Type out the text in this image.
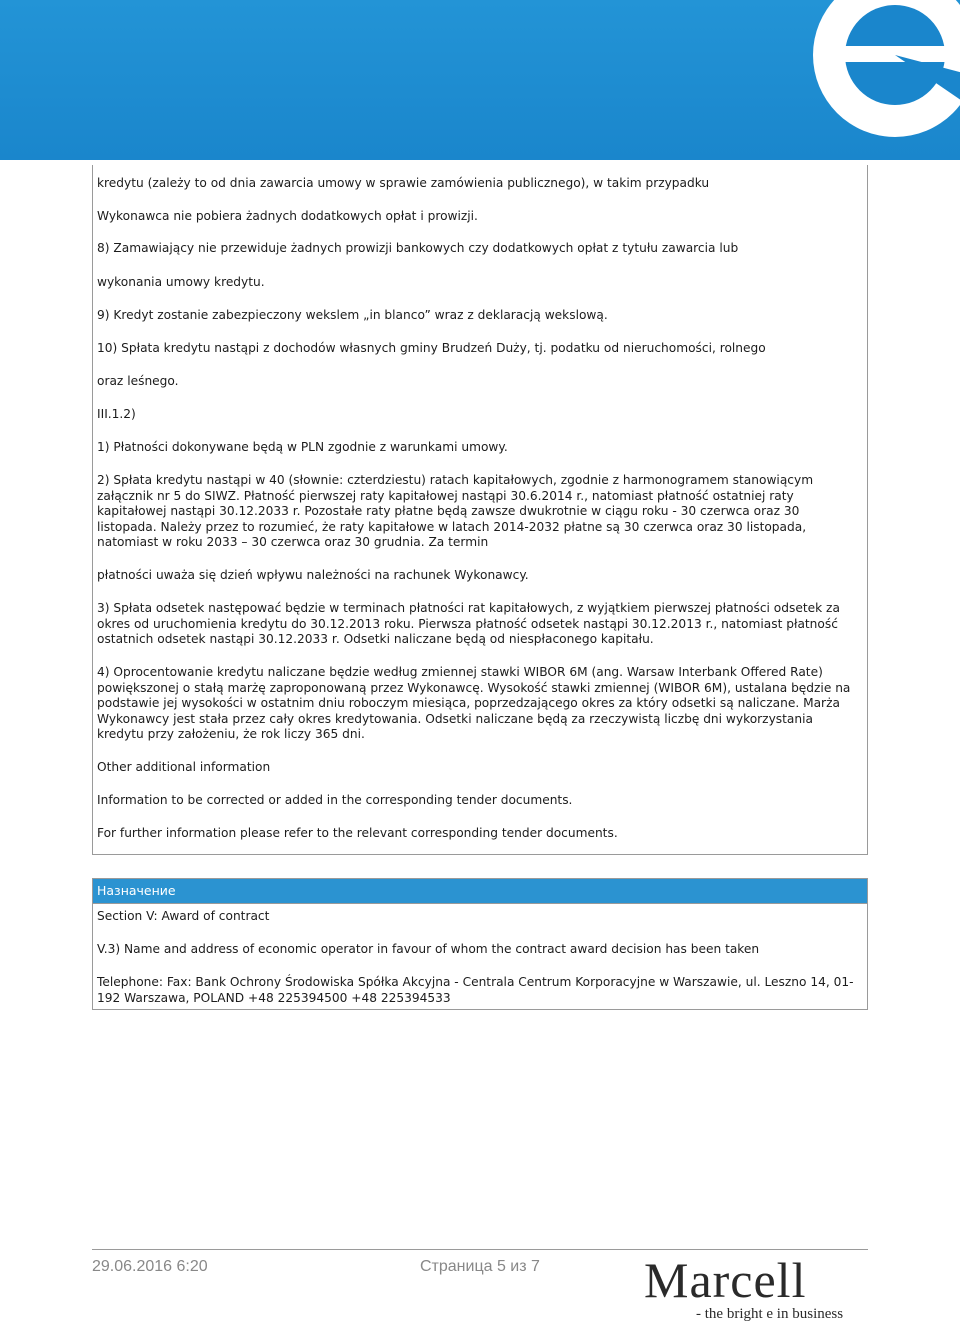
kredytu (zależy to od dnia zawarcia umowy w sprawie zamówienia publicznego), w takim przypadku
Wykonawca nie pobiera żadnych dodatkowych opłat i prowizji.
8) Zamawiający nie przewiduje żadnych prowizji bankowych czy dodatkowych opłat z tytułu zawarcia lub
wykonania umowy kredytu.
9) Kredyt zostanie zabezpieczony wekslem „in blanco” wraz z deklaracją wekslową.
10) Spłata kredytu nastąpi z dochodów własnych gminy Brudzeń Duży, tj. podatku od nieruchomości, rolnego
oraz leśnego.
III.1.2)
1) Płatności dokonywane będą w PLN zgodnie z warunkami umowy.
2) Spłata kredytu nastąpi w 40 (słownie: czterdziestu) ratach kapitałowych, zgodnie z harmonogramem stanowiącym załącznik nr 5 do SIWZ. Płatność pierwszej raty kapitałowej nastąpi 30.6.2014 r., natomiast płatność ostatniej raty kapitałowej nastąpi 30.12.2033 r. Pozostałe raty płatne będą zawsze dwukrotnie w ciągu roku - 30 czerwca oraz 30 listopada. Należy przez to rozumieć, że raty kapitałowe w latach 2014-2032 płatne są 30 czerwca oraz 30 listopada, natomiast w roku 2033 – 30 czerwca oraz 30 grudnia. Za termin
płatności uważa się dzień wpływu należności na rachunek Wykonawcy.
3) Spłata odsetek następować będzie w terminach płatności rat kapitałowych, z wyjątkiem pierwszej płatności odsetek za okres od uruchomienia kredytu do 30.12.2013 roku. Pierwsza płatność odsetek nastąpi 30.12.2013 r., natomiast płatność ostatnich odsetek nastąpi 30.12.2033 r. Odsetki naliczane będą od niespłaconego kapitału.
4) Oprocentowanie kredytu naliczane będzie według zmiennej stawki WIBOR 6M (ang. Warsaw Interbank Offered Rate) powiększonej o stałą marżę zaproponowaną przez Wykonawcę. Wysokość stawki zmiennej (WIBOR 6M), ustalana będzie na podstawie jej wysokości w ostatnim dniu roboczym miesiąca, poprzedzającego okres za który odsetki są naliczane. Marża Wykonawcy jest stała przez cały okres kredytowania. Odsetki naliczane będą za rzeczywistą liczbę dni wykorzystania kredytu przy założeniu, że rok liczy 365 dni.
Other additional information
Information to be corrected or added in the corresponding tender documents.
For further information please refer to the relevant corresponding tender documents.
Назначение
Section V: Award of contract
V.3) Name and address of economic operator in favour of whom the contract award decision has been taken
Telephone: Fax: Bank Ochrony Środowiska Spółka Akcyjna - Centrala Centrum Korporacyjne w Warszawie, ul. Leszno 14, 01-192 Warszawa, POLAND +48 225394500 +48 225394533
29.06.2016 6:20	Страница 5 из 7 Marcell
- the bright e in business
